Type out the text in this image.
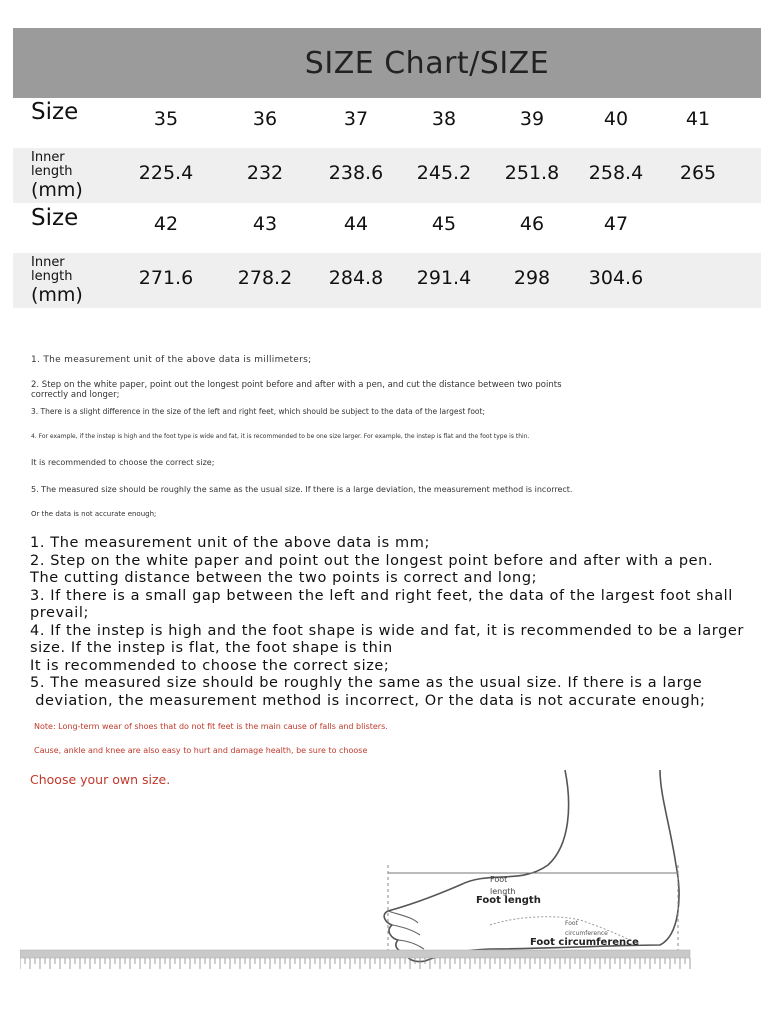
SIZE Chart/SIZE
Size	35	36	37	38	39	40	41
Inner
length
(mm)
225.4	232 238.6 245.2 251.8 258.4 265
Size	42	43	44	45	46	47
Inner
length
(mm)
271.6 278.2 284.8 291.4 298 304.6
1. The measurement unit of the above data is millimeters;
2. Step on the white paper, point out the longest point before and after with a pen, and cut the distance between two points
correctly and longer;
3. There is a slight difference in the size of the left and right feet, which should be subject to the data of the largest foot;
4. For example, if the instep is high and the foot type is wide and fat, it is recommended to be one size larger. For example, the instep is flat and the foot type is thin.
It is recommended to choose the correct size;
5. The measured size should be roughly the same as the usual size. If there is a large deviation, the measurement method is incorrect.
Or the data is not accurate enough;
1. The measurement unit of the above data is mm;
2. Step on the white paper and point out the longest point before and after with a pen.
The cutting distance between the two points is correct and long;
3. If there is a small gap between the left and right feet, the data of the largest foot shall
prevail;
4. If the instep is high and the foot shape is wide and fat, it is recommended to be a larger
size. If the instep is flat, the foot shape is thin
It is recommended to choose the correct size;
5. The measured size should be roughly the same as the usual size. If there is a large
deviation, the measurement method is incorrect, Or the data is not accurate enough;
Note: Long-term wear of shoes that do not fit feet is the main cause of falls and blisters.
Cause, ankle and knee are also easy to hurt and damage health, be sure to choose
Choose your own size.
Foot
length
Foot length
Foot
circumference
Foot circumference
